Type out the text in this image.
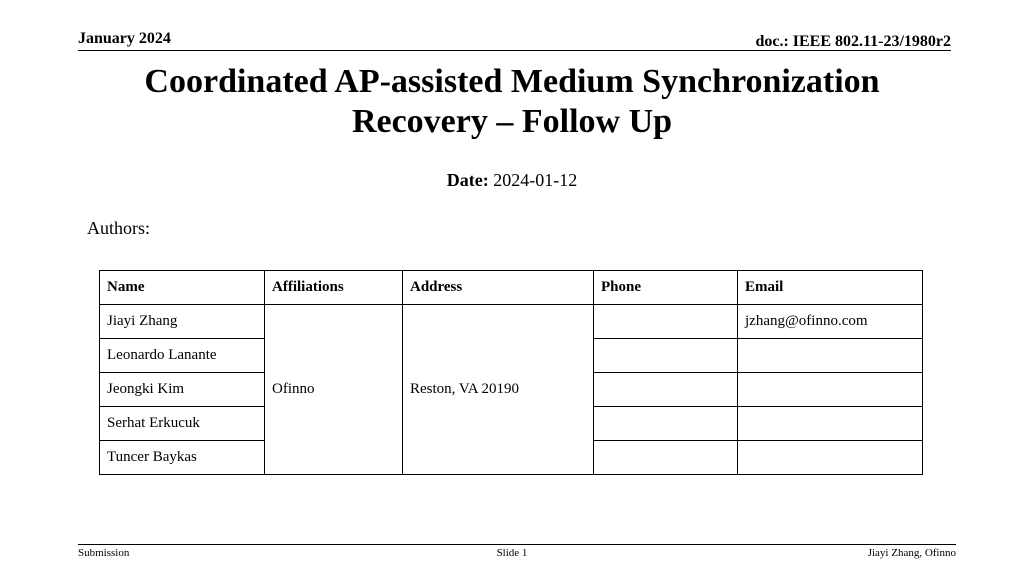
January 2024	doc.: IEEE 802.11-23/1980r2
Coordinated AP-assisted Medium Synchronization
Recovery – Follow Up
Date: 2024-01-12
Authors:
Name	Affiliations	Address	Phone	Email
Jiayi Zhang	Ofinno	Reston, VA 20190		jzhang@ofinno.com
Leonardo Lanante				
Jeongki Kim				
Serhat Erkucuk				
Tuncer Baykas				
Submission	Slide 1	Jiayi Zhang, Ofinno
